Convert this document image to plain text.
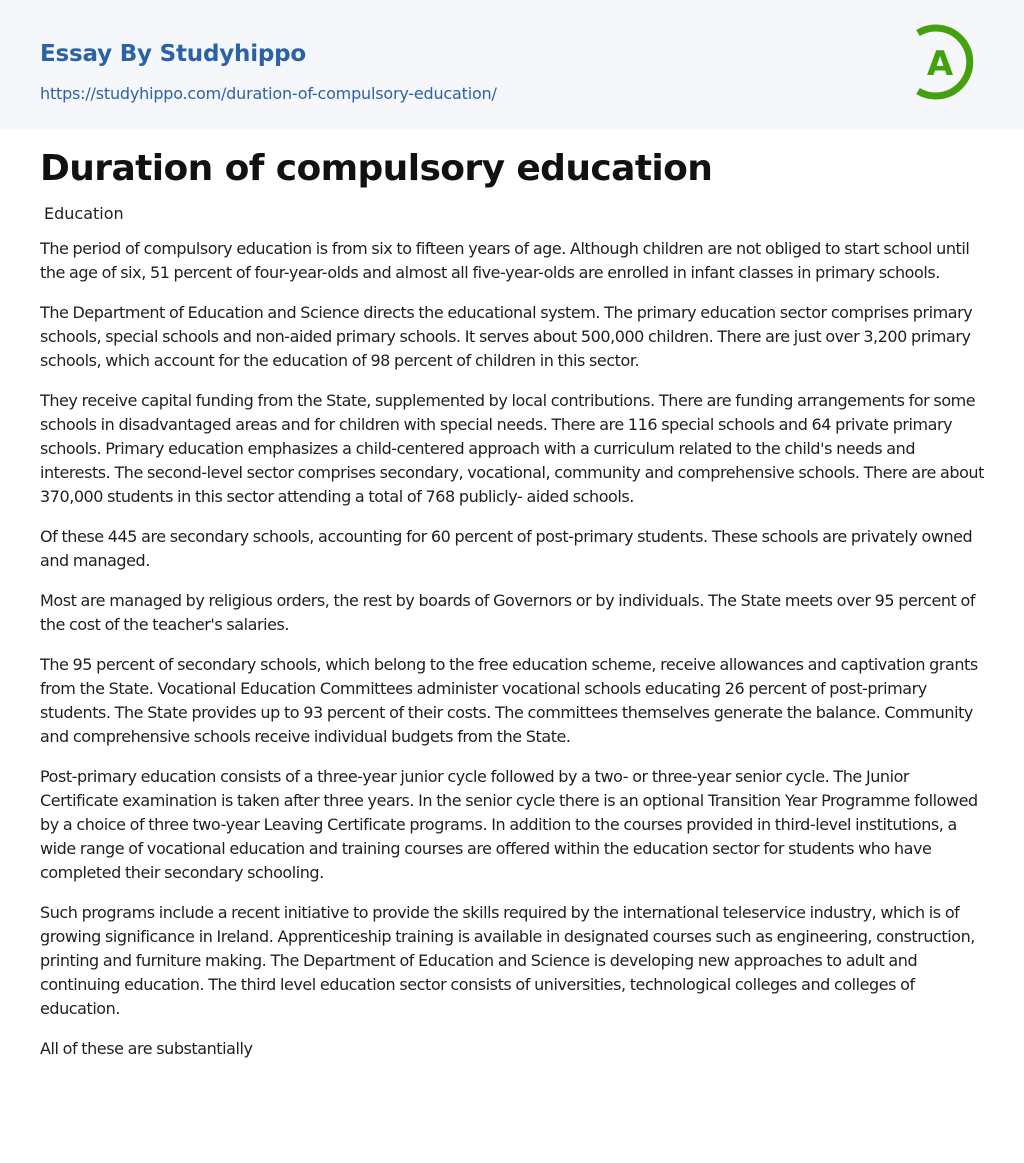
Essay By Studyhippo
https://studyhippo.com/duration-of-compulsory-education/
A
Duration of compulsory education
Education

The period of compulsory education is from six to fifteen years of age. Although children are not obliged to start school until the age of six, 51 percent of four-year-olds and almost all five-year-olds are enrolled in infant classes in primary schools.

The Department of Education and Science directs the educational system. The primary education sector comprises primary schools, special schools and non-aided primary schools. It serves about 500,000 children. There are just over 3,200 primary schools, which account for the education of 98 percent of children in this sector.

They receive capital funding from the State, supplemented by local contributions. There are funding arrangements for some schools in disadvantaged areas and for children with special needs. There are 116 special schools and 64 private primary schools. Primary education emphasizes a child-centered approach with a curriculum related to the child's needs and interests. The second-level sector comprises secondary, vocational, community and comprehensive schools. There are about 370,000 students in this sector attending a total of 768 publicly- aided schools.

Of these 445 are secondary schools, accounting for 60 percent of post-primary students. These schools are privately owned and managed.

Most are managed by religious orders, the rest by boards of Governors or by individuals. The State meets over 95 percent of the cost of the teacher's salaries.

The 95 percent of secondary schools, which belong to the free education scheme, receive allowances and captivation grants from the State. Vocational Education Committees administer vocational schools educating 26 percent of post-primary students. The State provides up to 93 percent of their costs. The committees themselves generate the balance. Community and comprehensive schools receive individual budgets from the State.

Post-primary education consists of a three-year junior cycle followed by a two- or three-year senior cycle. The Junior Certificate examination is taken after three years. In the senior cycle there is an optional Transition Year Programme followed by a choice of three two-year Leaving Certificate programs. In addition to the courses provided in third-level institutions, a wide range of vocational education and training courses are offered within the education sector for students who have completed their secondary schooling.

Such programs include a recent initiative to provide the skills required by the international teleservice industry, which is of growing significance in Ireland. Apprenticeship training is available in designated courses such as engineering, construction, printing and furniture making. The Department of Education and Science is developing new approaches to adult and continuing education. The third level education sector consists of universities, technological colleges and colleges of education.

All of these are substantially
